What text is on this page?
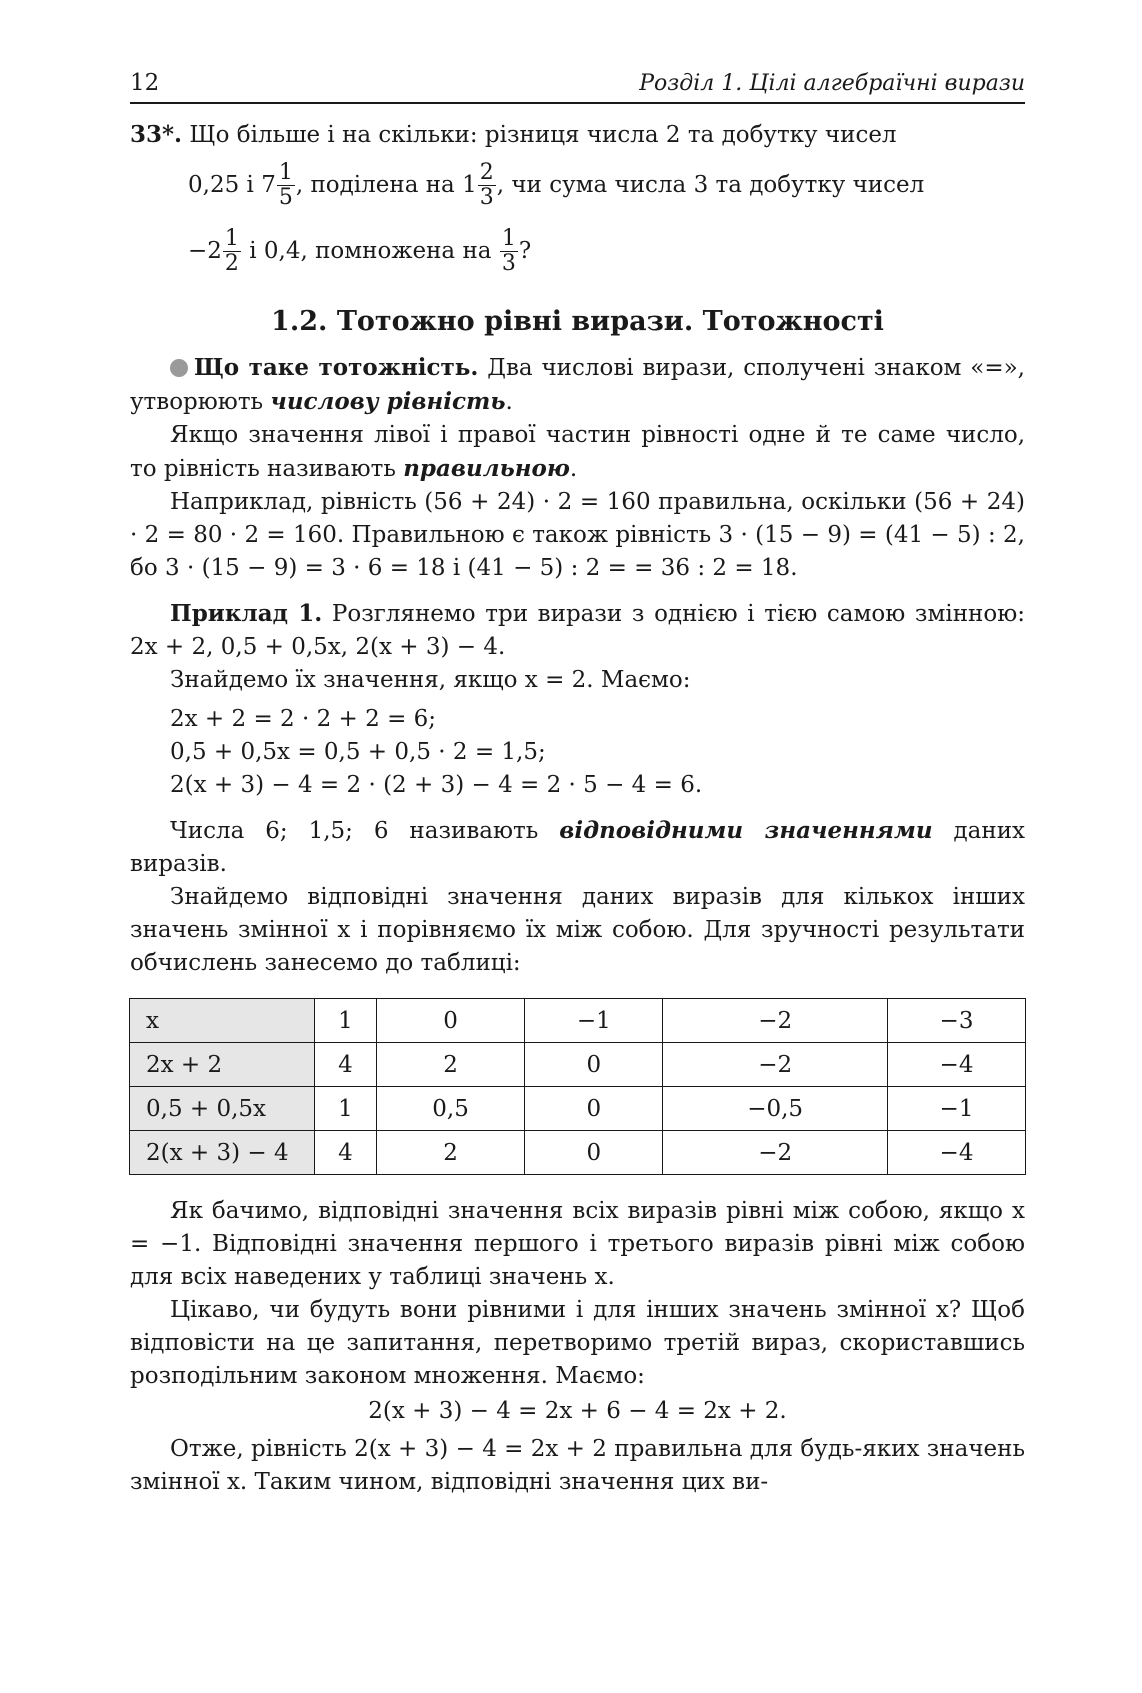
12	Розділ 1. Цілі алгебраїчні вирази

33*. Що більше і на скільки: різниця числа 2 та добутку чисел

0,25 і $7 \frac{1}{5}$ , поділена на $1 \frac{2}{3}$ , чи сума числа 3 та добутку чисел
$-2 \frac{1}{2}$ і 0,4, помножена на $\frac{1}{3}$ ?
1.2. Тотожно рівні вирази. Тотожності

Що таке тотожність. Два числові вирази, сполучені знаком «=», утворюють числову рівність.

Якщо значення лівої і правої частин рівності одне й те саме число, то рівність називають правильною.

Наприклад, рівність (56 + 24) · 2 = 160 правильна, оскільки (56 + 24) · 2 = 80 · 2 = 160. Правильною є також рівність 3 · (15 − 9) = (41 − 5) : 2, бо 3 · (15 − 9) = 3 · 6 = 18 і (41 − 5) : 2 = = 36 : 2 = 18.

Приклад 1. Розглянемо три вирази з однією і тією самою змінною: 2x + 2, 0,5 + 0,5x, 2(x + 3) − 4.

Знайдемо їх значення, якщо x = 2. Маємо:

2x + 2 = 2 · 2 + 2 = 6;

0,5 + 0,5x = 0,5 + 0,5 · 2 = 1,5;

2(x + 3) − 4 = 2 · (2 + 3) − 4 = 2 · 5 − 4 = 6.

Числа 6; 1,5; 6 називають відповідними значеннями даних виразів.

Знайдемо відповідні значення даних виразів для кількох інших значень змінної x і порівняємо їх між собою. Для зручності результати обчислень занесемо до таблиці:

x	1	0	−1	−2	−3
2x + 2	4	2	0	−2	−4
0,5 + 0,5x	1	0,5	0	−0,5	−1
2(x + 3) − 4	4	2	0	−2	−4

Як бачимо, відповідні значення всіх виразів рівні між собою, якщо x = −1. Відповідні значення першого і третього виразів рівні між собою для всіх наведених у таблиці значень x.

Цікаво, чи будуть вони рівними і для інших значень змінної x? Щоб відповісти на це запитання, перетворимо третій вираз, скориставшись розподільним законом множення. Маємо:

2(x + 3) − 4 = 2x + 6 − 4 = 2x + 2.

Отже, рівність 2(x + 3) − 4 = 2x + 2 правильна для будь-яких значень змінної x. Таким чином, відповідні значення цих ви-
